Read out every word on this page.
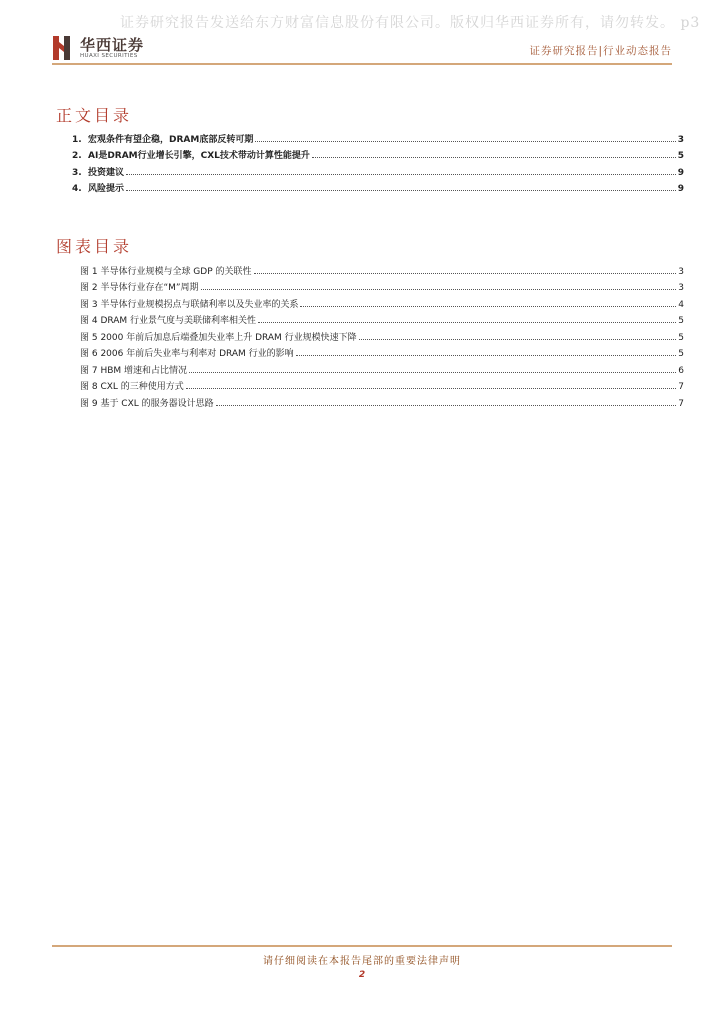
证券研究报告发送给东方财富信息股份有限公司。版权归华西证券所有，请勿转发。 p3
华西证券
HUAXI SECURITIES	证券研究报告|行业动态报告
正文目录
1. 宏观条件有望企稳，DRAM底部反转可期	3
2. AI是DRAM行业增长引擎，CXL技术带动计算性能提升	5
3. 投资建议	9
4. 风险提示	9
图表目录
图 1 半导体行业规模与全球 GDP 的关联性	3
图 2 半导体行业存在“M”周期	3
图 3 半导体行业规模拐点与联储利率以及失业率的关系	4
图 4 DRAM 行业景气度与美联储利率相关性	5
图 5 2000 年前后加息后端叠加失业率上升 DRAM 行业规模快速下降	5
图 6 2006 年前后失业率与利率对 DRAM 行业的影响	5
图 7 HBM 增速和占比情况	6
图 8 CXL 的三种使用方式	7
图 9 基于 CXL 的服务器设计思路	7
请仔细阅读在本报告尾部的重要法律声明
2
